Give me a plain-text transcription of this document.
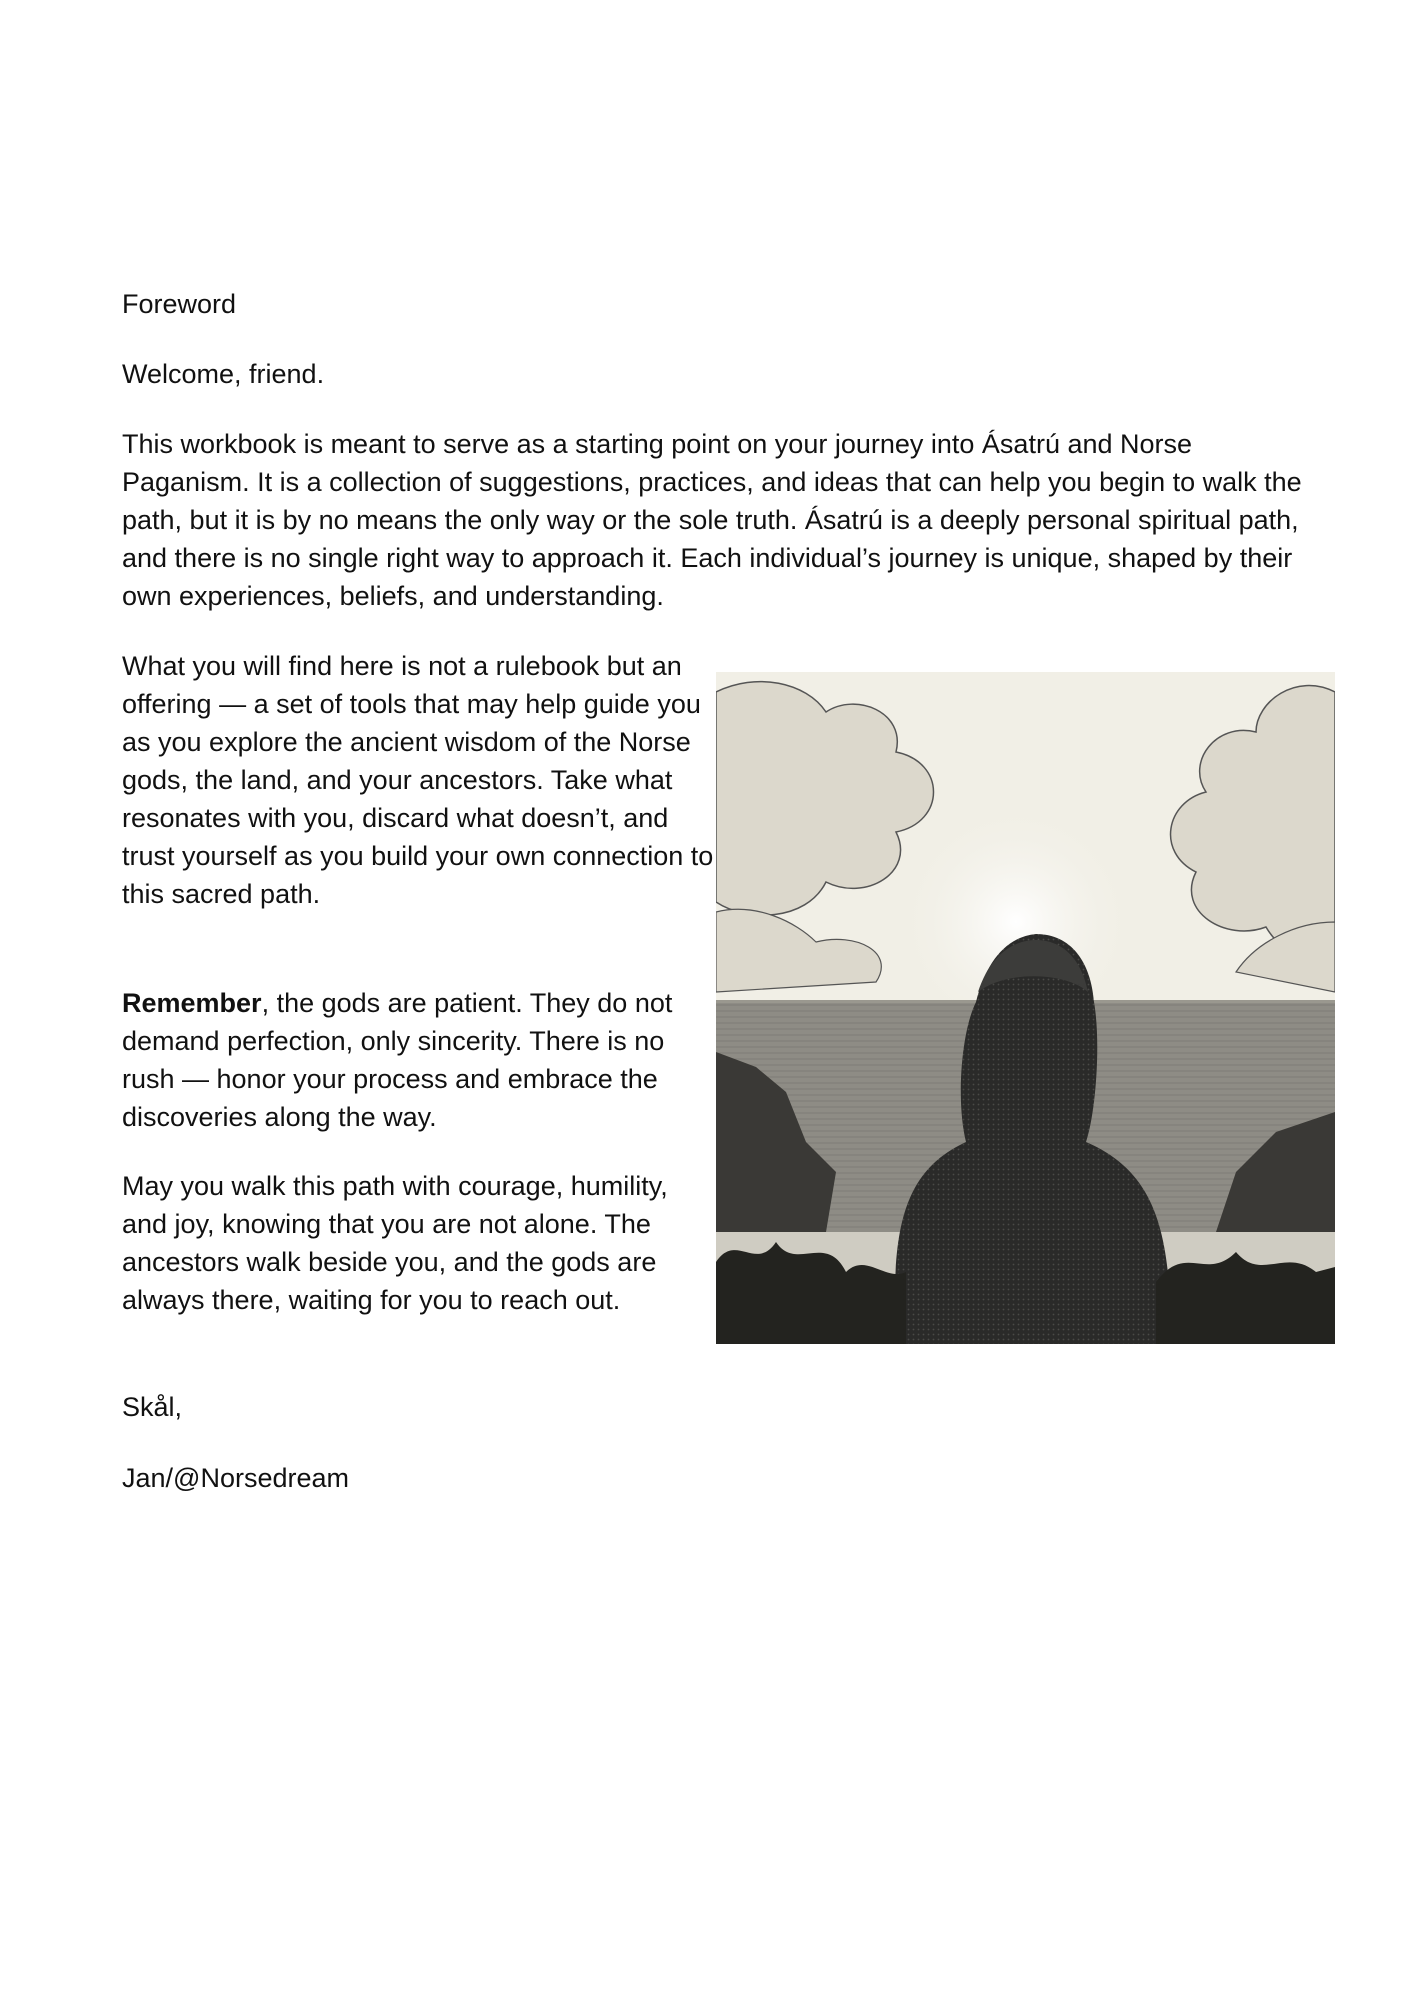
Foreword

Welcome, friend.

This workbook is meant to serve as a starting point on your journey into Ásatrú and Norse Paganism. It is a collection of suggestions, practices, and ideas that can help you begin to walk the path, but it is by no means the only way or the sole truth. Ásatrú is a deeply personal spiritual path, and there is no single right way to approach it. Each individual’s journey is unique, shaped by their own experiences, beliefs, and understanding.

What you will find here is not a rulebook but an offering — a set of tools that may help guide you as you explore the ancient wisdom of the Norse gods, the land, and your ancestors. Take what resonates with you, discard what doesn’t, and trust yourself as you build your own connection to this sacred path.

Remember, the gods are patient. They do not demand perfection, only sincerity. There is no rush — honor your process and embrace the discoveries along the way.

May you walk this path with courage, humility, and joy, knowing that you are not alone. The ancestors walk beside you, and the gods are always there, waiting for you to reach out.

Skål,

Jan/@Norsedream
